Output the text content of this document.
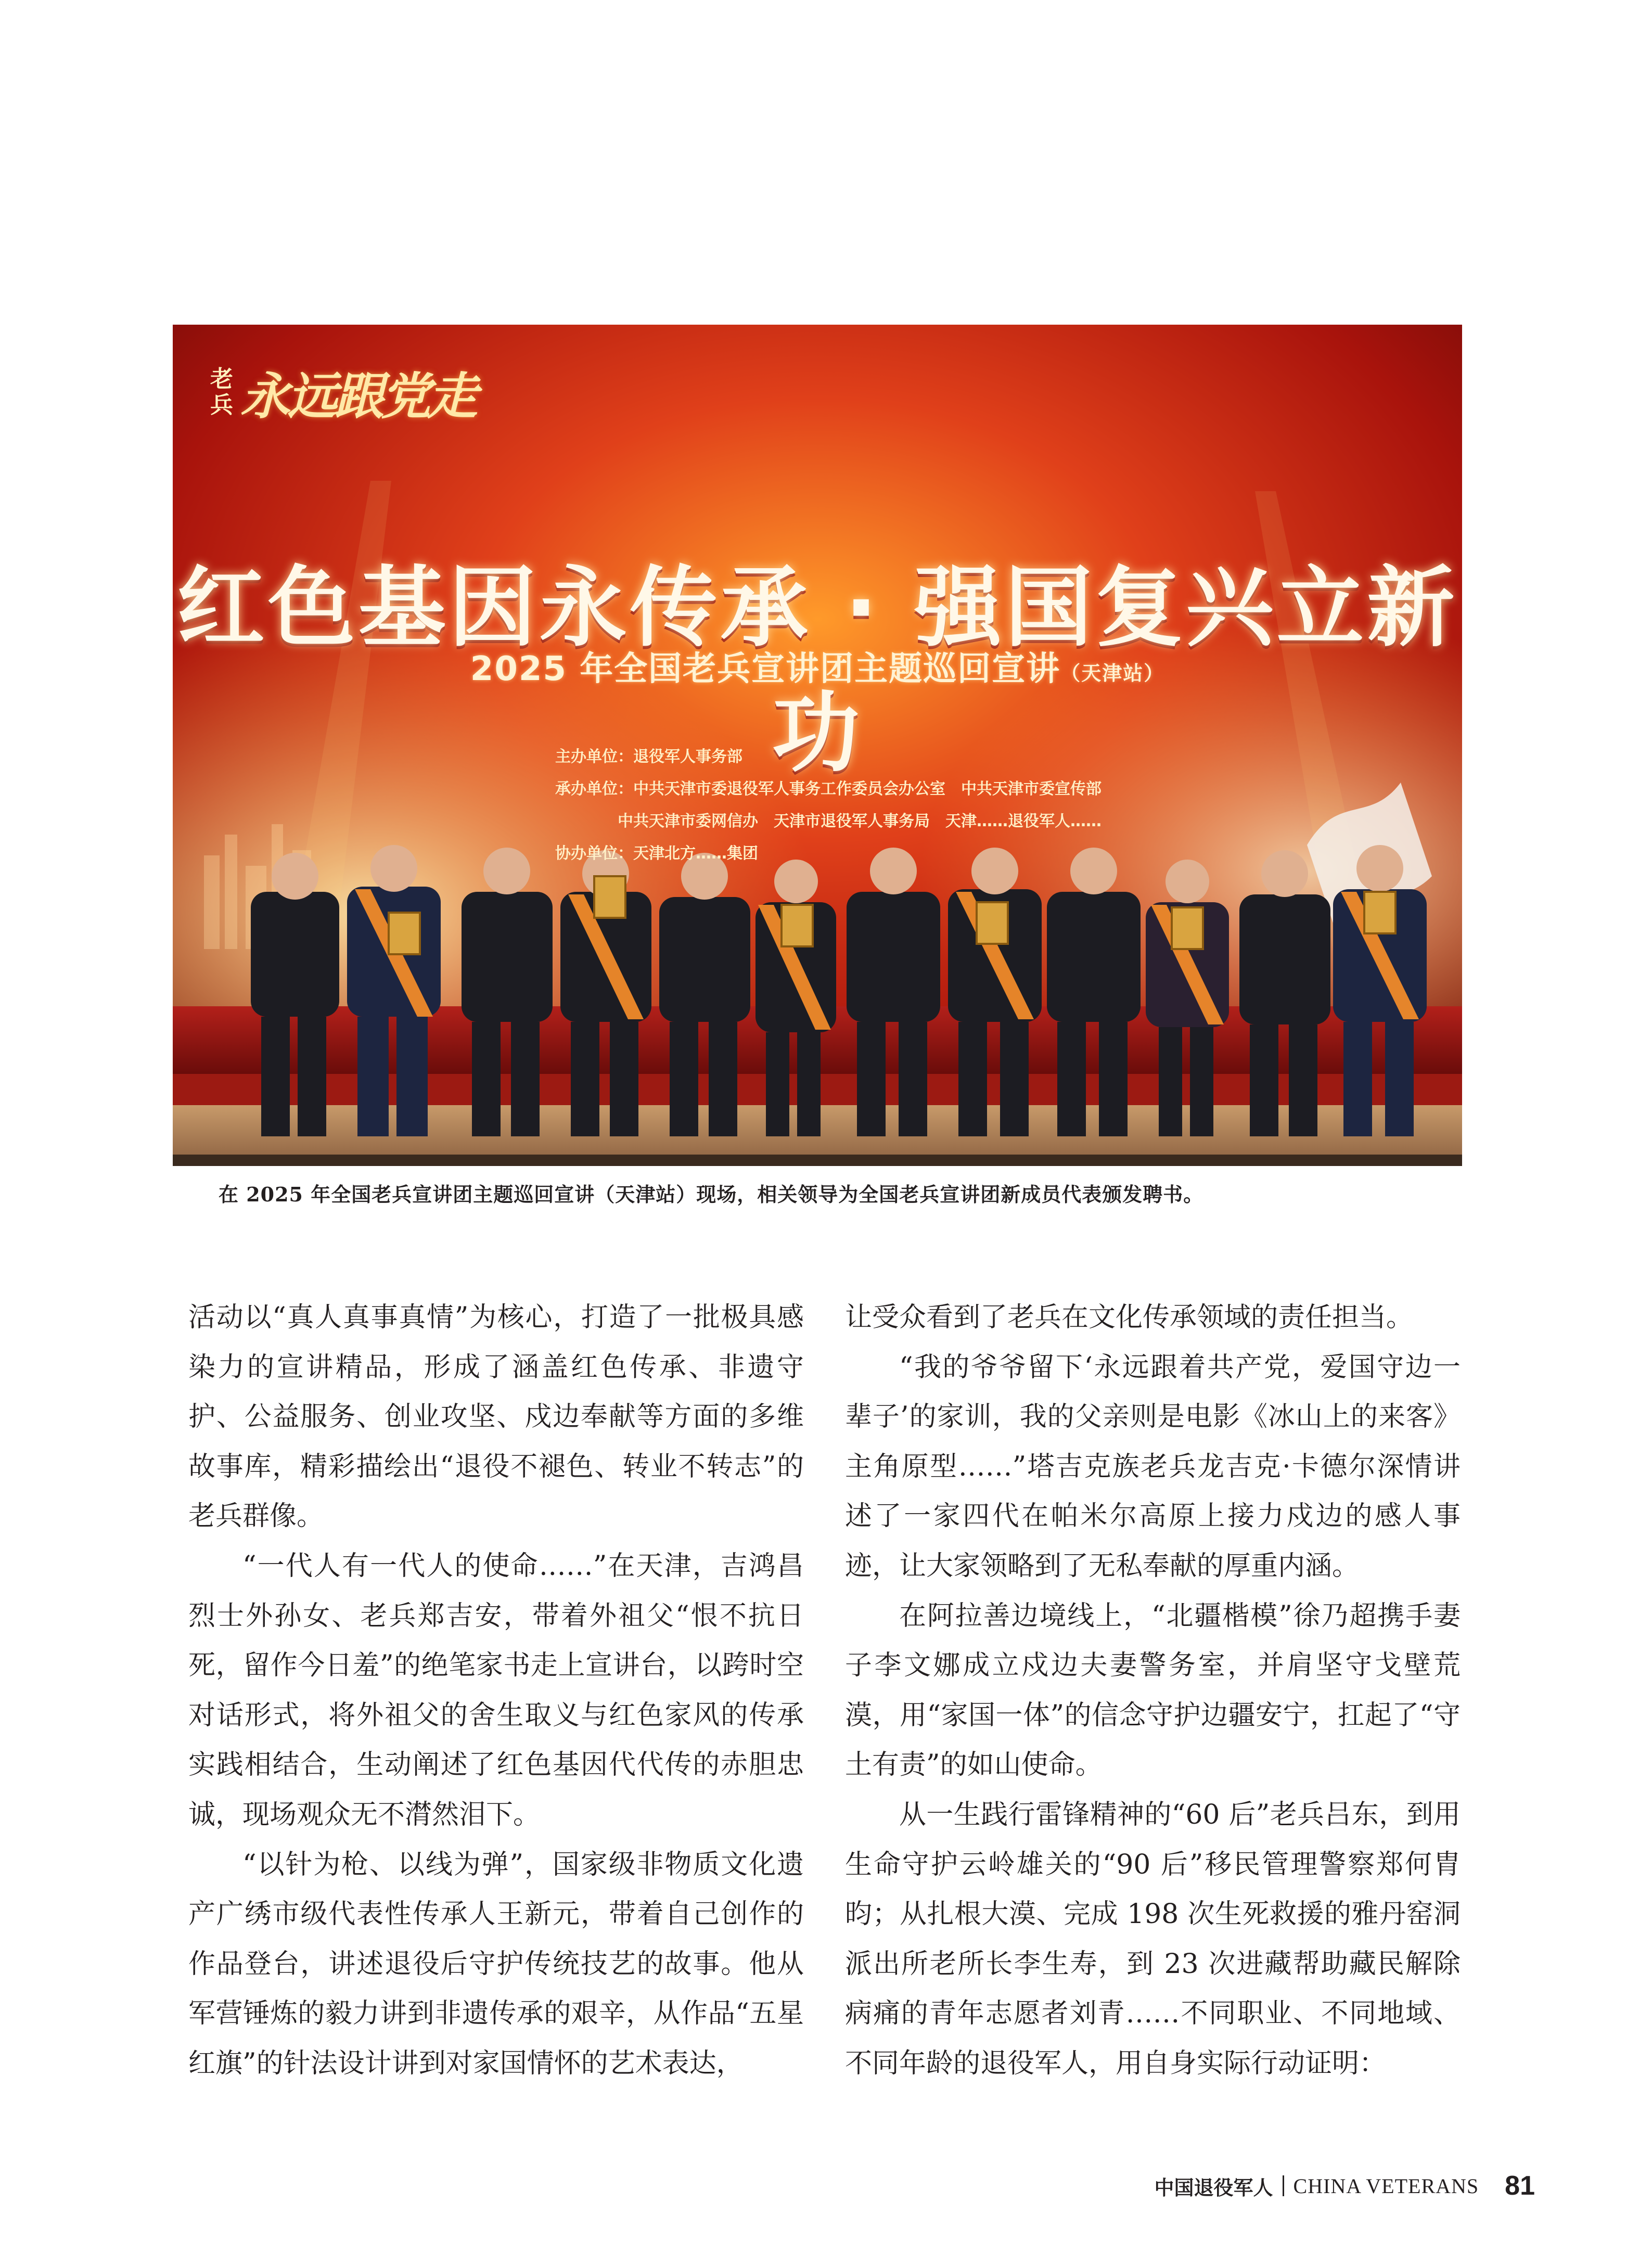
老
兵 永远跟党走
红色基因永传承 · 强国复兴立新功
2025 年全国老兵宣讲团主题巡回宣讲（天津站）
主办单位：退役军人事务部
承办单位：中共天津市委退役军人事务工作委员会办公室　中共天津市委宣传部
中共天津市委网信办　天津市退役军人事务局　天津……退役军人……
协办单位：天津北方……集团
在 2025 年全国老兵宣讲团主题巡回宣讲（天津站）现场，相关领导为全国老兵宣讲团新成员代表颁发聘书。

活动以“真人真事真情”为核心，打造了一批极具感染力的宣讲精品，形成了涵盖红色传承、非遗守护、公益服务、创业攻坚、戍边奉献等方面的多维故事库，精彩描绘出“退役不褪色、转业不转志”的老兵群像。

“一代人有一代人的使命……”在天津，吉鸿昌烈士外孙女、老兵郑吉安，带着外祖父“恨不抗日死，留作今日羞”的绝笔家书走上宣讲台，以跨时空对话形式，将外祖父的舍生取义与红色家风的传承实践相结合，生动阐述了红色基因代代传的赤胆忠诚，现场观众无不潸然泪下。

“以针为枪、以线为弹”，国家级非物质文化遗产广绣市级代表性传承人王新元，带着自己创作的作品登台，讲述退役后守护传统技艺的故事。他从军营锤炼的毅力讲到非遗传承的艰辛，从作品“五星红旗”的针法设计讲到对家国情怀的艺术表达，

让受众看到了老兵在文化传承领域的责任担当。

“我的爷爷留下‘永远跟着共产党，爱国守边一辈子’的家训，我的父亲则是电影《冰山上的来客》主角原型……”塔吉克族老兵龙吉克·卡德尔深情讲述了一家四代在帕米尔高原上接力戍边的感人事迹，让大家领略到了无私奉献的厚重内涵。

在阿拉善边境线上，“北疆楷模”徐乃超携手妻子李文娜成立戍边夫妻警务室，并肩坚守戈壁荒漠，用“家国一体”的信念守护边疆安宁，扛起了“守土有责”的如山使命。

从一生践行雷锋精神的“60 后”老兵吕东，到用生命守护云岭雄关的“90 后”移民管理警察郑何胄昀；从扎根大漠、完成 198 次生死救援的雅丹窑洞派出所老所长李生寿，到 23 次进藏帮助藏民解除病痛的青年志愿者刘青……不同职业、不同地域、不同年龄的退役军人，用自身实际行动证明：

中国退役军人 CHINA VETERANS 81
